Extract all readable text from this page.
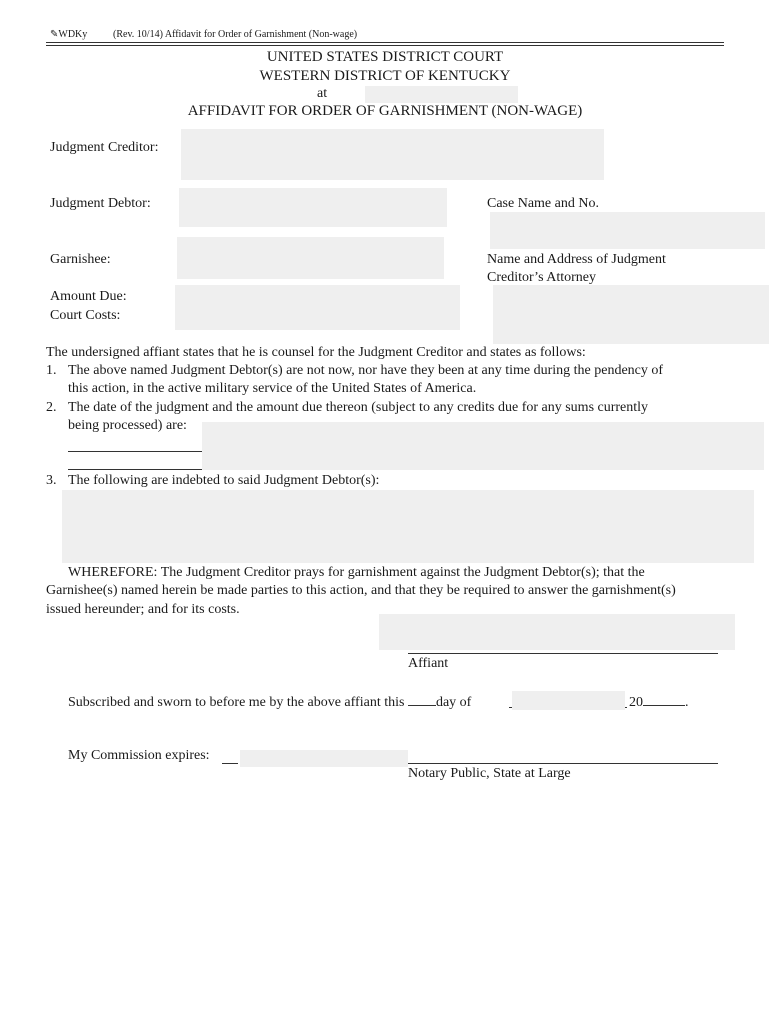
✎WDKy	(Rev. 10/14) Affidavit for Order of Garnishment (Non-wage)
UNITED STATES DISTRICT COURT
WESTERN DISTRICT OF KENTUCKY
at
AFFIDAVIT FOR ORDER OF GARNISHMENT (NON-WAGE)
Judgment Creditor:
Judgment Debtor:	Case Name and No.
Garnishee:	Name and Address of Judgment
Creditor’s Attorney
Amount Due:
Court Costs:
The undersigned affiant states that he is counsel for the Judgment Creditor and states as follows:
1. The above named Judgment Debtor(s) are not now, nor have they been at any time during the pendency of
this action, in the active military service of the United States of America.
2. The date of the judgment and the amount due thereon (subject to any credits due for any sums currently
being processed) are:
3. The following are indebted to said Judgment Debtor(s):
WHEREFORE: The Judgment Creditor prays for garnishment against the Judgment Debtor(s); that the
Garnishee(s) named herein be made parties to this action, and that they be required to answer the garnishment(s)
issued hereunder; and for its costs.
Affiant
Subscribed and sworn to before me by the above affiant this day of	20	.
My Commission expires:
Notary Public, State at Large
